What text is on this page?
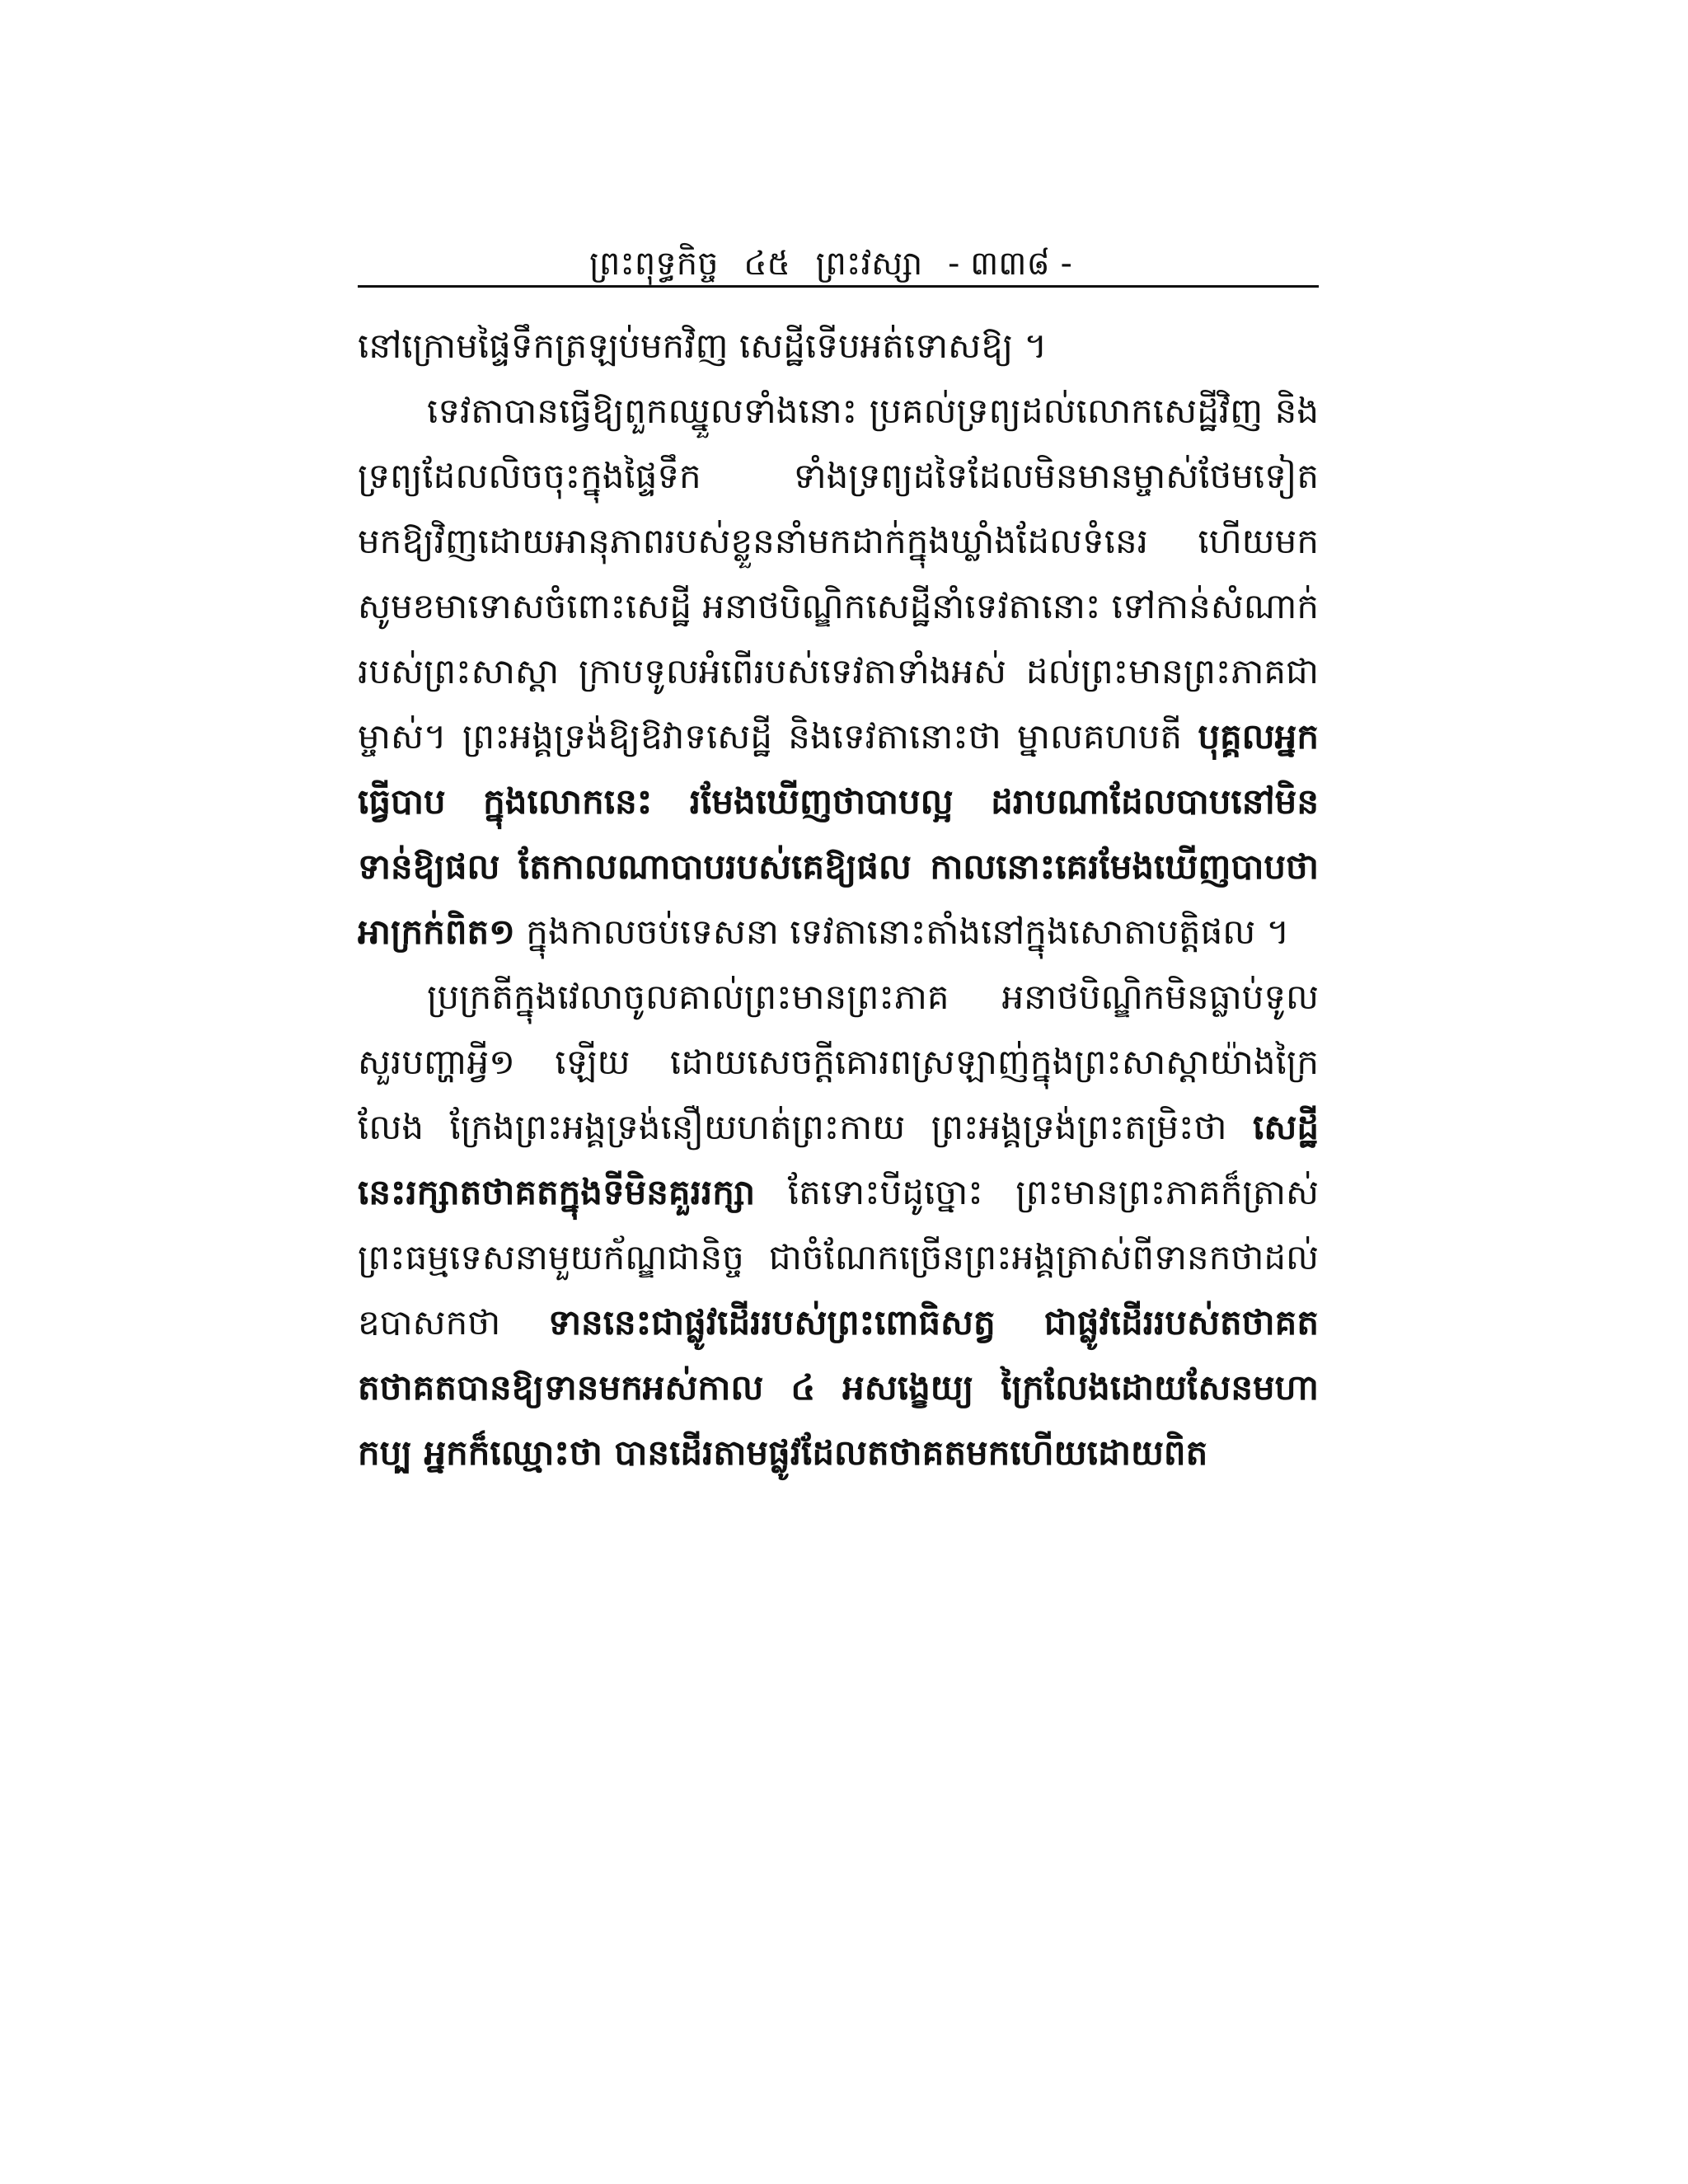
ព្រះពុទ្ធកិច្ច ៤៥ ព្រះវស្សា - ៣៣៨ -

នៅក្រោមផ្ទៃទឹកត្រឡប់មកវិញ សេដ្ឋីទើបអត់ទោសឱ្យ ។

ទេវតាបានធ្វើឱ្យពួកឈ្នួលទាំងនោះ ប្រគល់ទ្រព្យដល់លោកសេដ្ឋីវិញ និងទ្រព្យដែលលិចចុះក្នុងផ្ទៃទឹក ទាំងទ្រព្យដទៃដែលមិនមានម្ចាស់ថែមទៀត មកឱ្យវិញដោយអានុភាពរបស់ខ្លួននាំមកដាក់ក្នុងឃ្លាំងដែលទំនេរ ហើយមកសូមខមាទោសចំពោះសេដ្ឋី អនាថបិណ្ឌិកសេដ្ឋីនាំទេវតានោះ ទៅកាន់សំណាក់របស់ព្រះសាស្តា ក្រាបទូលអំពើរបស់ទេវតាទាំងអស់ ដល់ព្រះមានព្រះភាគជាម្ចាស់។ ព្រះអង្គទ្រង់ឱ្យឱវាទសេដ្ឋី និងទេវតានោះថា ម្នាលគហបតី បុគ្គលអ្នកធ្វើបាប ក្នុងលោកនេះ រមែងឃើញថាបាបល្អ ដរាបណាដែលបាបនៅមិនទាន់ឱ្យផល តែកាលណាបាបរបស់គេឱ្យផល កាលនោះគេរមែងឃើញបាបថា អាក្រក់ពិត១ ក្នុងកាលចប់ទេសនា ទេវតានោះតាំងនៅក្នុងសោតាបត្តិផល ។

ប្រក្រតីក្នុងវេលាចូលគាល់ព្រះមានព្រះភាគ អនាថបិណ្ឌិកមិនធ្លាប់ទូលសួរបញ្ហាអ្វី១ ឡើយ ដោយសេចក្តីគោរពស្រឡាញ់ក្នុងព្រះសាស្តាយ៉ាងក្រៃលែង ក្រែងព្រះអង្គទ្រង់នឿយហត់ព្រះកាយ ព្រះអង្គទ្រង់ព្រះតម្រិះថា សេដ្ឋីនេះរក្សាតថាគតក្នុងទីមិនគួររក្សា តែទោះបីដូច្នោះ ព្រះមានព្រះភាគក៏ត្រាស់ព្រះធម្មទេសនាមួយក័ណ្ឌជានិច្ច ជាចំណែកច្រើនព្រះអង្គត្រាស់ពីទានកថាដល់ឧបាសកថា ទាននេះជាផ្លូវដើររបស់ព្រះពោធិសត្វ ជាផ្លូវដើររបស់តថាគត តថាគតបានឱ្យទានមកអស់កាល ៤ អសង្ខេយ្យ ក្រៃលែងដោយសែនមហាកប្ប អ្នកក៏ឈ្មោះថា បានដើរតាមផ្លូវដែលតថាគតមកហើយដោយពិត
